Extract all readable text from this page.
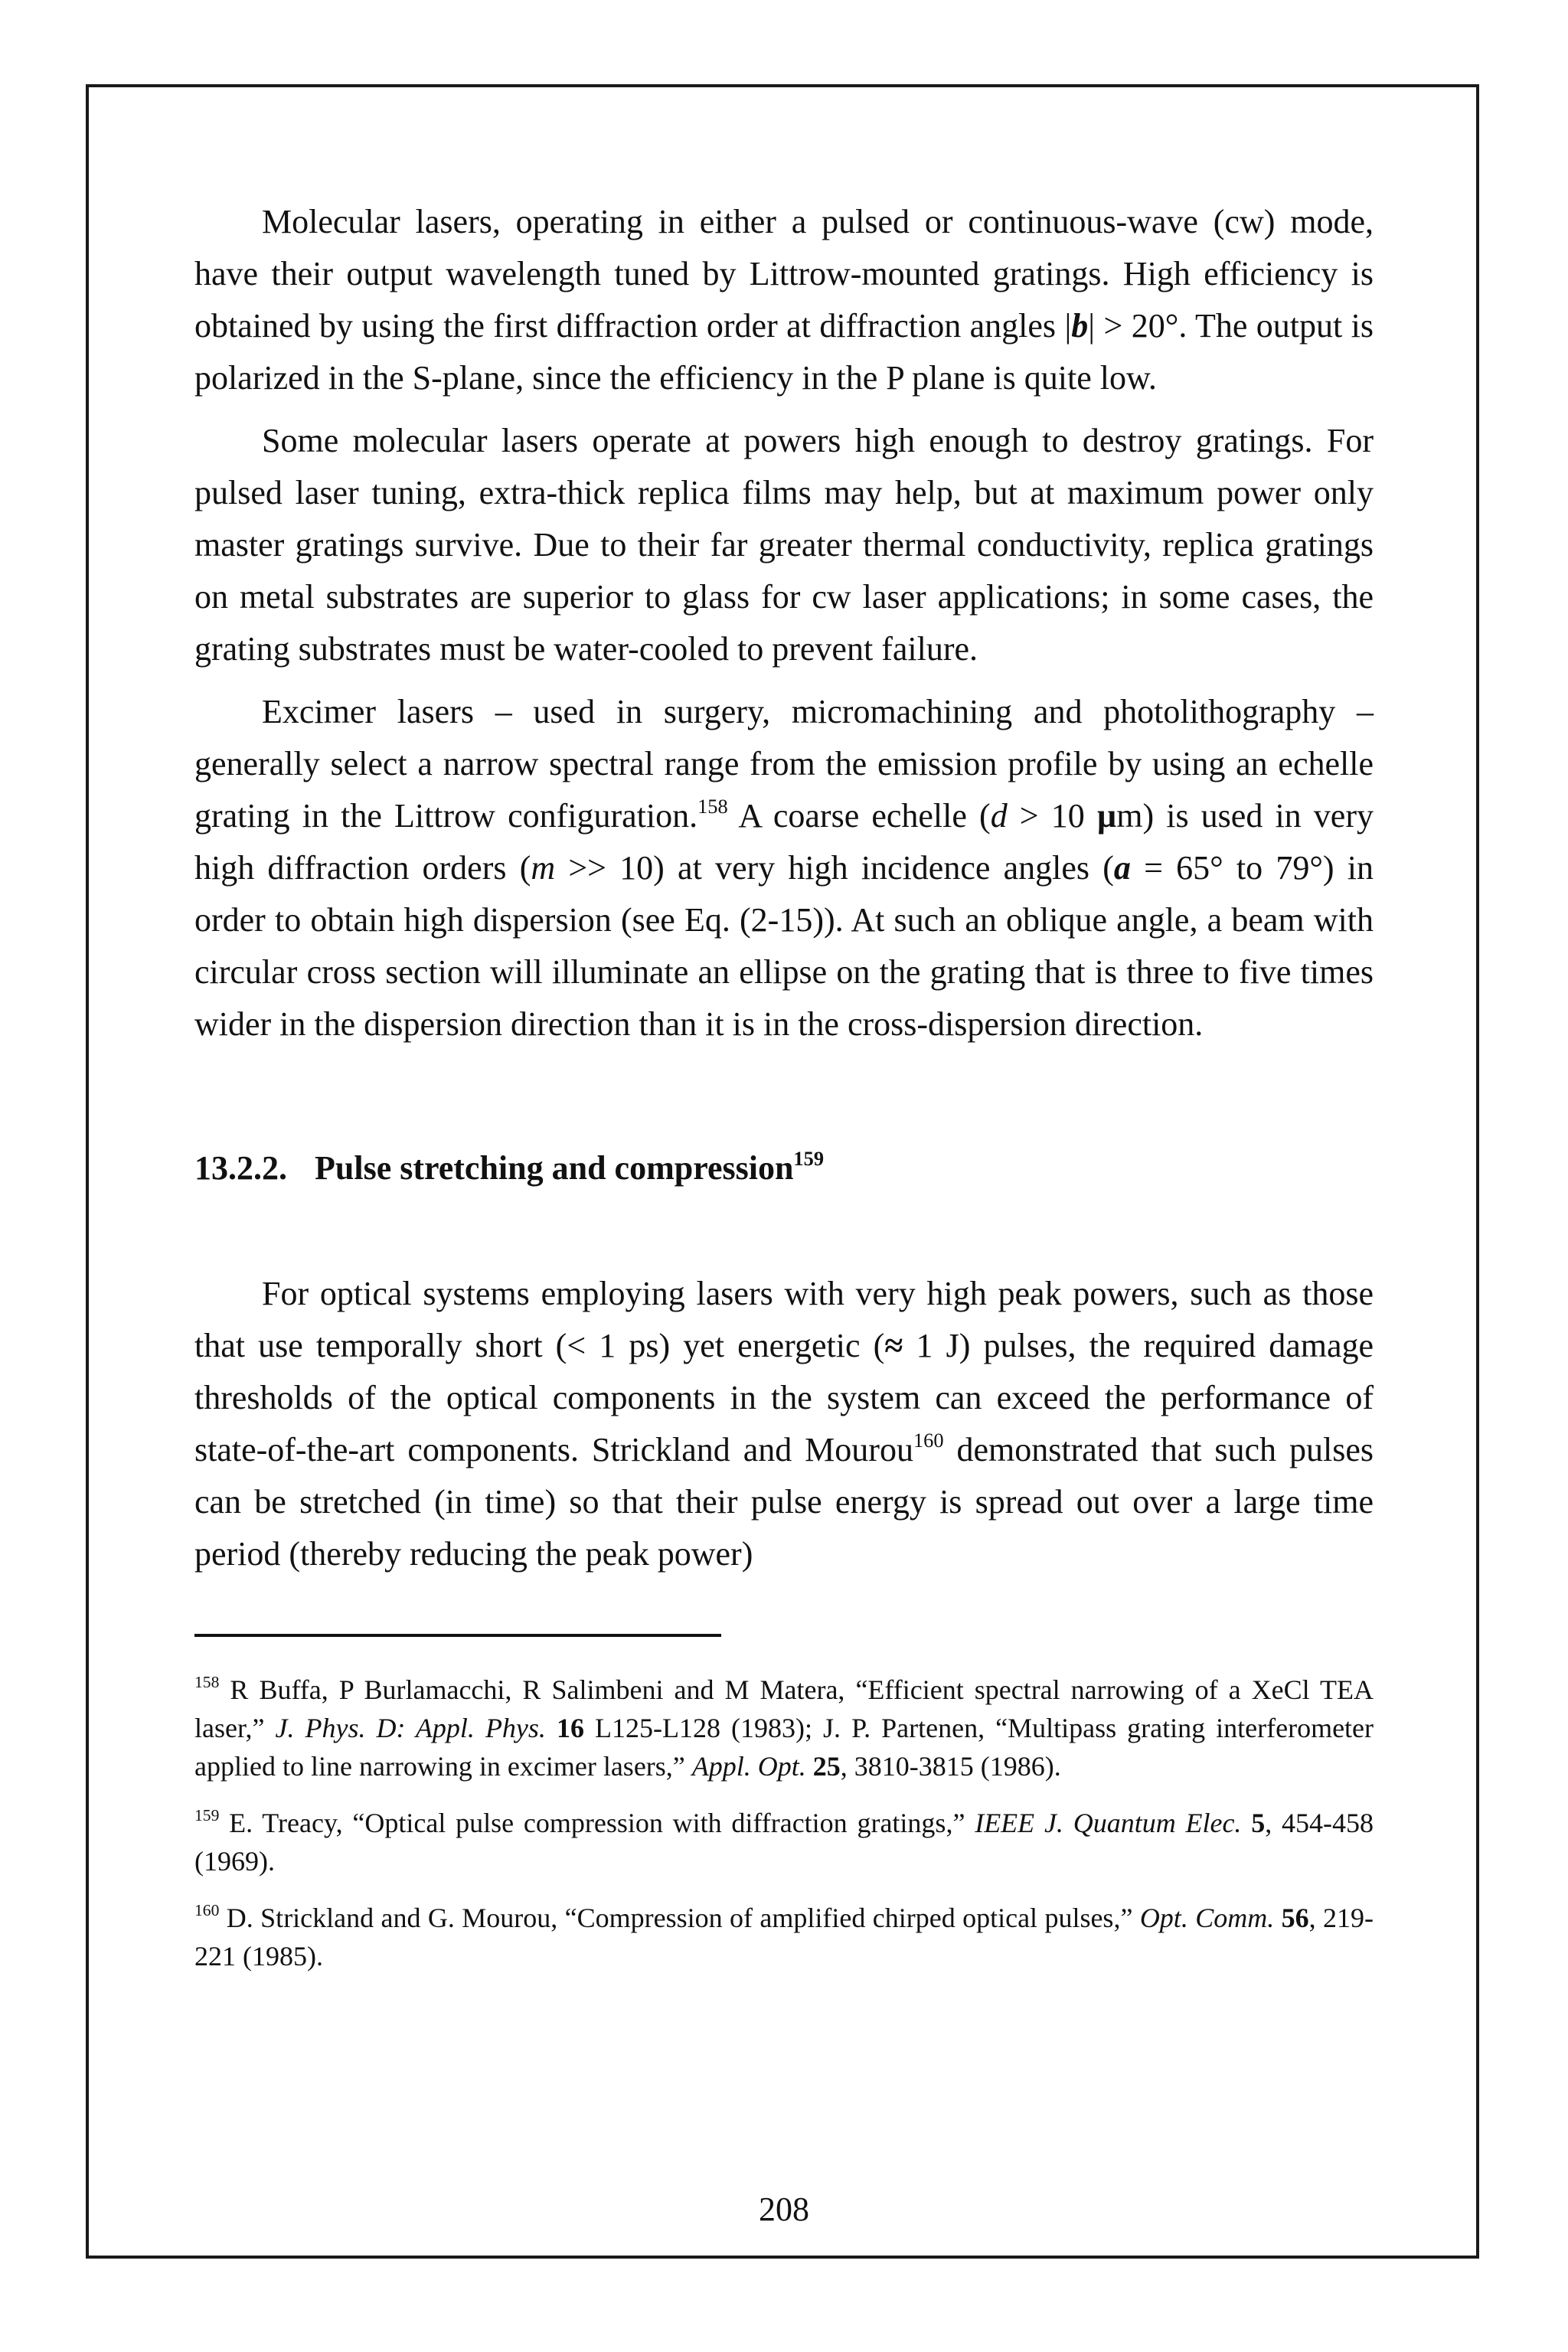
Molecular lasers, operating in either a pulsed or continuous-wave (cw) mode, have their output wavelength tuned by Littrow-mounted gratings. High efficiency is obtained by using the first diffraction order at diffraction angles |b| > 20°. The output is polarized in the S-plane, since the efficiency in the P plane is quite low.

Some molecular lasers operate at powers high enough to destroy gratings. For pulsed laser tuning, extra-thick replica films may help, but at maximum power only master gratings survive. Due to their far greater thermal conductivity, replica gratings on metal substrates are superior to glass for cw laser applications; in some cases, the grating substrates must be water-cooled to prevent failure.

Excimer lasers – used in surgery, micromachining and photolithography – generally select a narrow spectral range from the emission profile by using an echelle grating in the Littrow configuration.$^{158}$ A coarse echelle (d > 10 µm) is used in very high diffraction orders (m >> 10) at very high incidence angles (a = 65° to 79°) in order to obtain high dispersion (see Eq. (2-15)). At such an oblique angle, a beam with circular cross section will illuminate an ellipse on the grating that is three to five times wider in the dispersion direction than it is in the cross-dispersion direction.

13.2.2. Pulse stretching and compression$^{159}$

For optical systems employing lasers with very high peak powers, such as those that use temporally short (< 1 ps) yet energetic (≈ 1 J) pulses, the required damage thresholds of the optical components in the system can exceed the performance of state-of-the-art components. Strickland and Mourou$^{160}$ demonstrated that such pulses can be stretched (in time) so that their pulse energy is spread out over a large time period (thereby reducing the peak power)

$^{158}$ R Buffa, P Burlamacchi, R Salimbeni and M Matera, “Efficient spectral narrowing of a XeCl TEA laser,” J. Phys. D: Appl. Phys. 16 L125-L128 (1983); J. P. Partenen, “Multipass grating interferometer applied to line narrowing in excimer lasers,” Appl. Opt. 25, 3810-3815 (1986).

$^{159}$ E. Treacy, “Optical pulse compression with diffraction gratings,” IEEE J. Quantum Elec. 5, 454-458 (1969).

$^{160}$ D. Strickland and G. Mourou, “Compression of amplified chirped optical pulses,” Opt. Comm. 56, 219-221 (1985).

208
